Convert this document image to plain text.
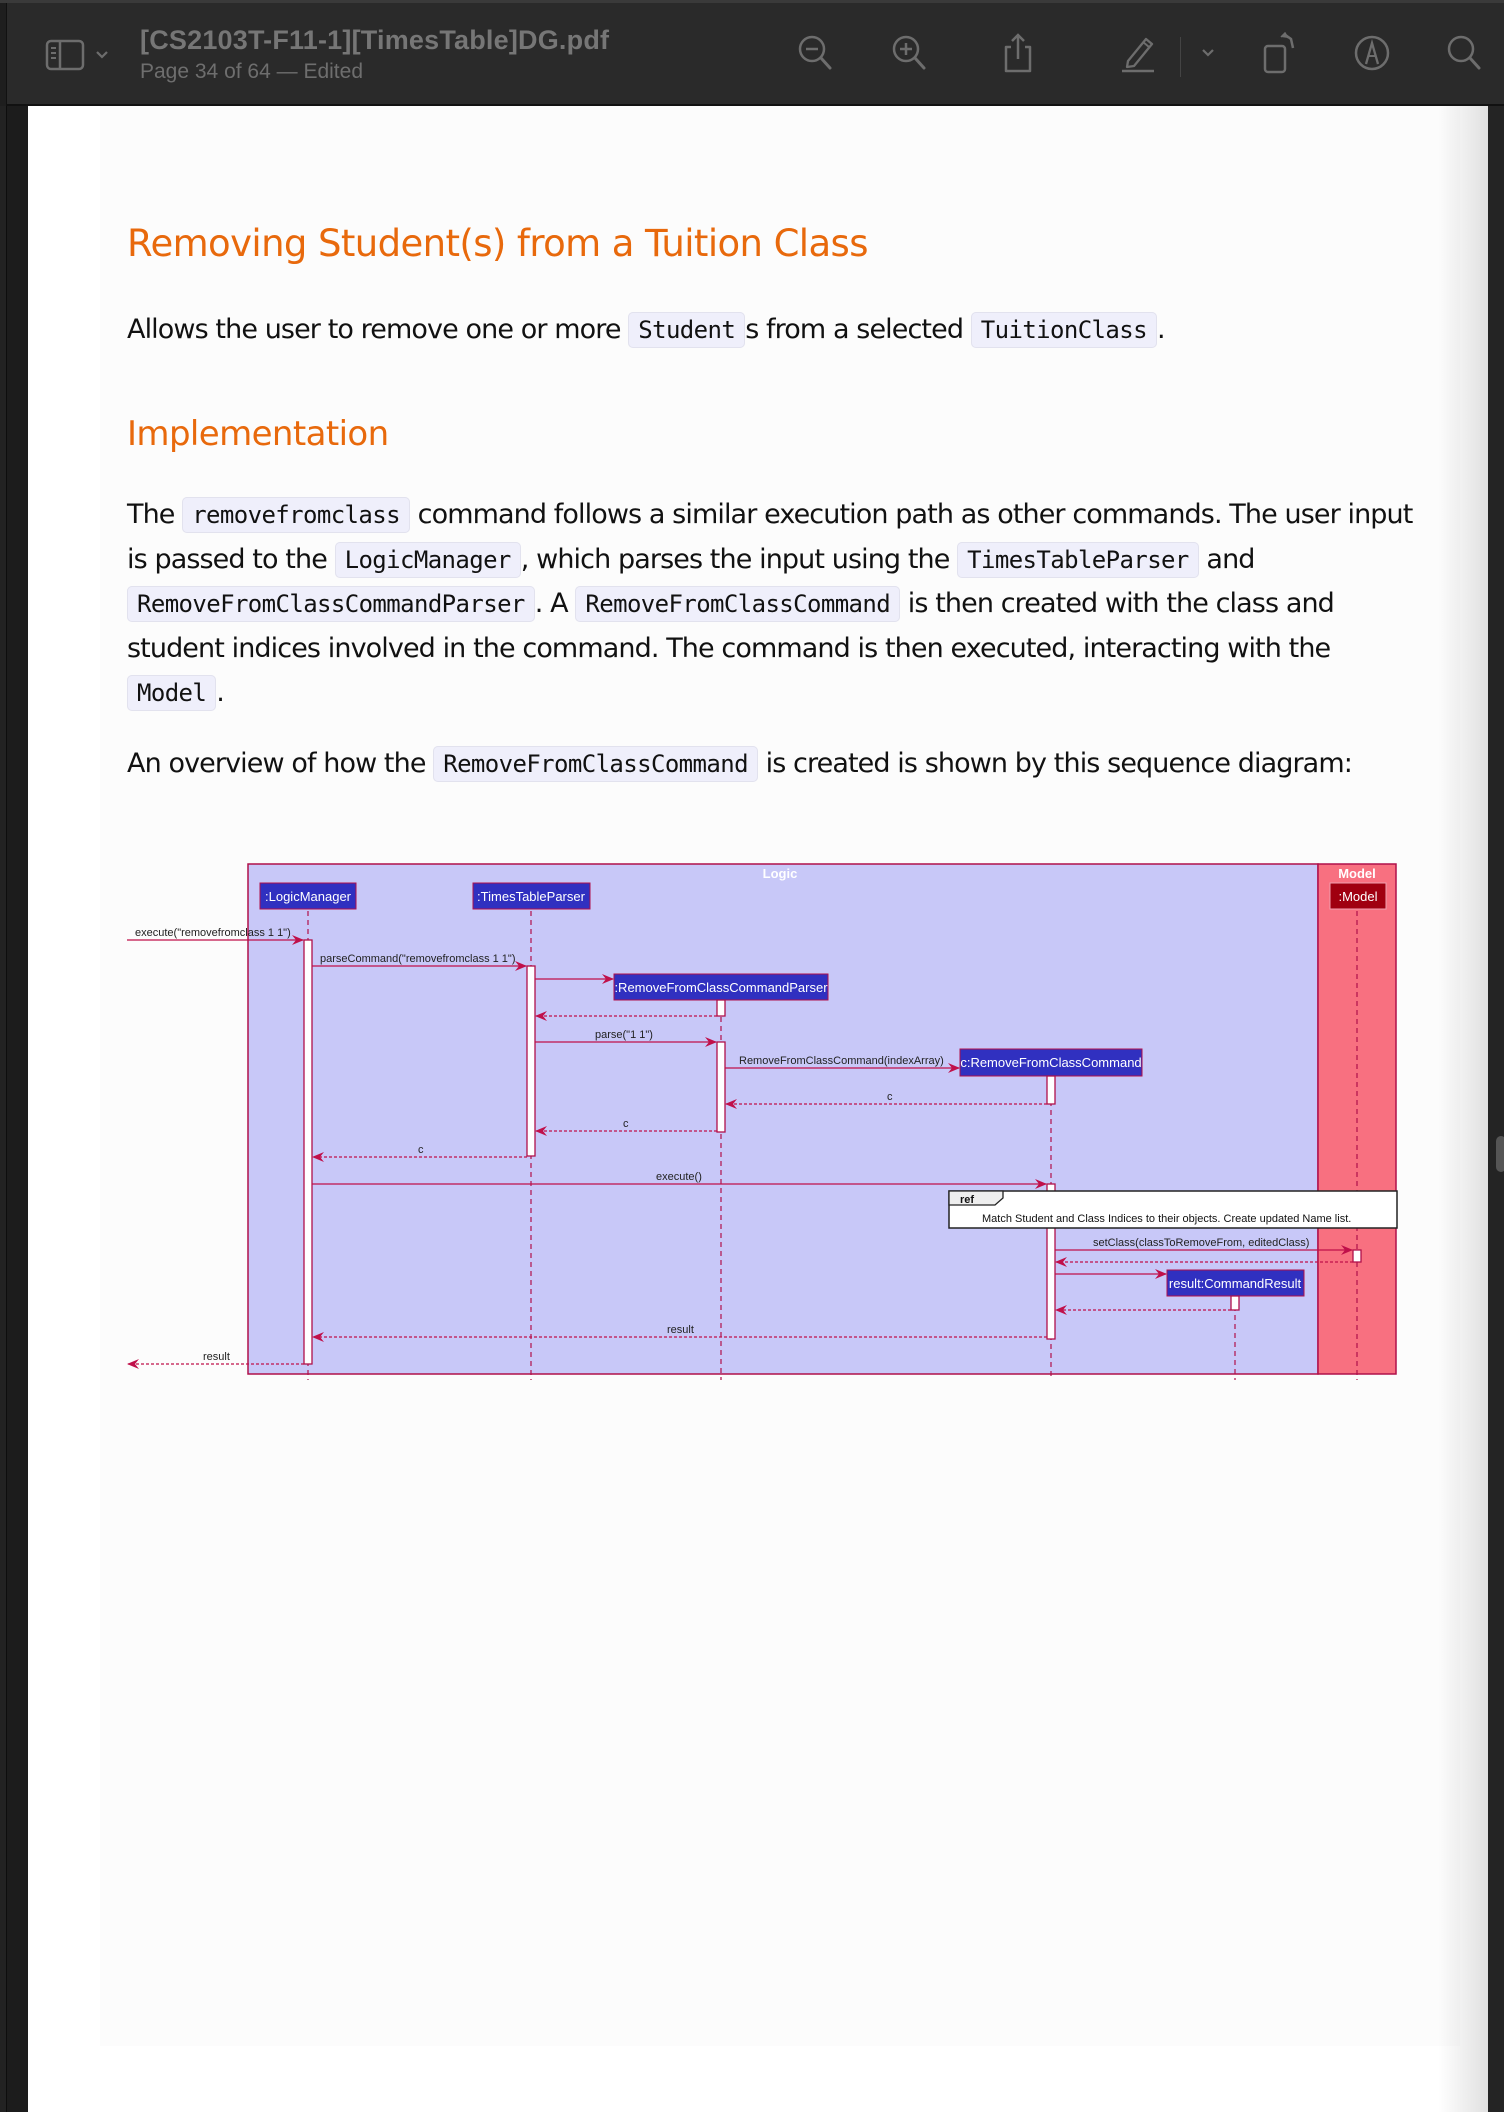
[CS2103T-F11-1][TimesTable]DG.pdf
Page 34 of 64 — Edited
Removing Student(s) from a Tuition Class

Allows the user to remove one or more Student s from a selected TuitionClass .

Implementation

The removefromclass command follows a similar execution path as other commands. The user input is passed to the LogicManager , which parses the input using the TimesTableParser and RemoveFromClassCommandParser . A RemoveFromClassCommand is then created with the class and student indices involved in the command. The command is then executed, interacting with the Model .

An overview of how the RemoveFromClassCommand is created is shown by this sequence diagram:

Logic	Model
:LogicManager	:TimesTableParser
:RemoveFromClassCommandParser
c:RemoveFromClassCommand
result:CommandResult
:Model
execute("removefromclass 1 1")
parseCommand("removefromclass 1 1")
parse("1 1")
RemoveFromClassCommand(indexArray)
c
c
c
execute()
setClass(classToRemoveFrom, editedClass)
result
result
ref
Match Student and Class Indices to their objects. Create updated Name list.
